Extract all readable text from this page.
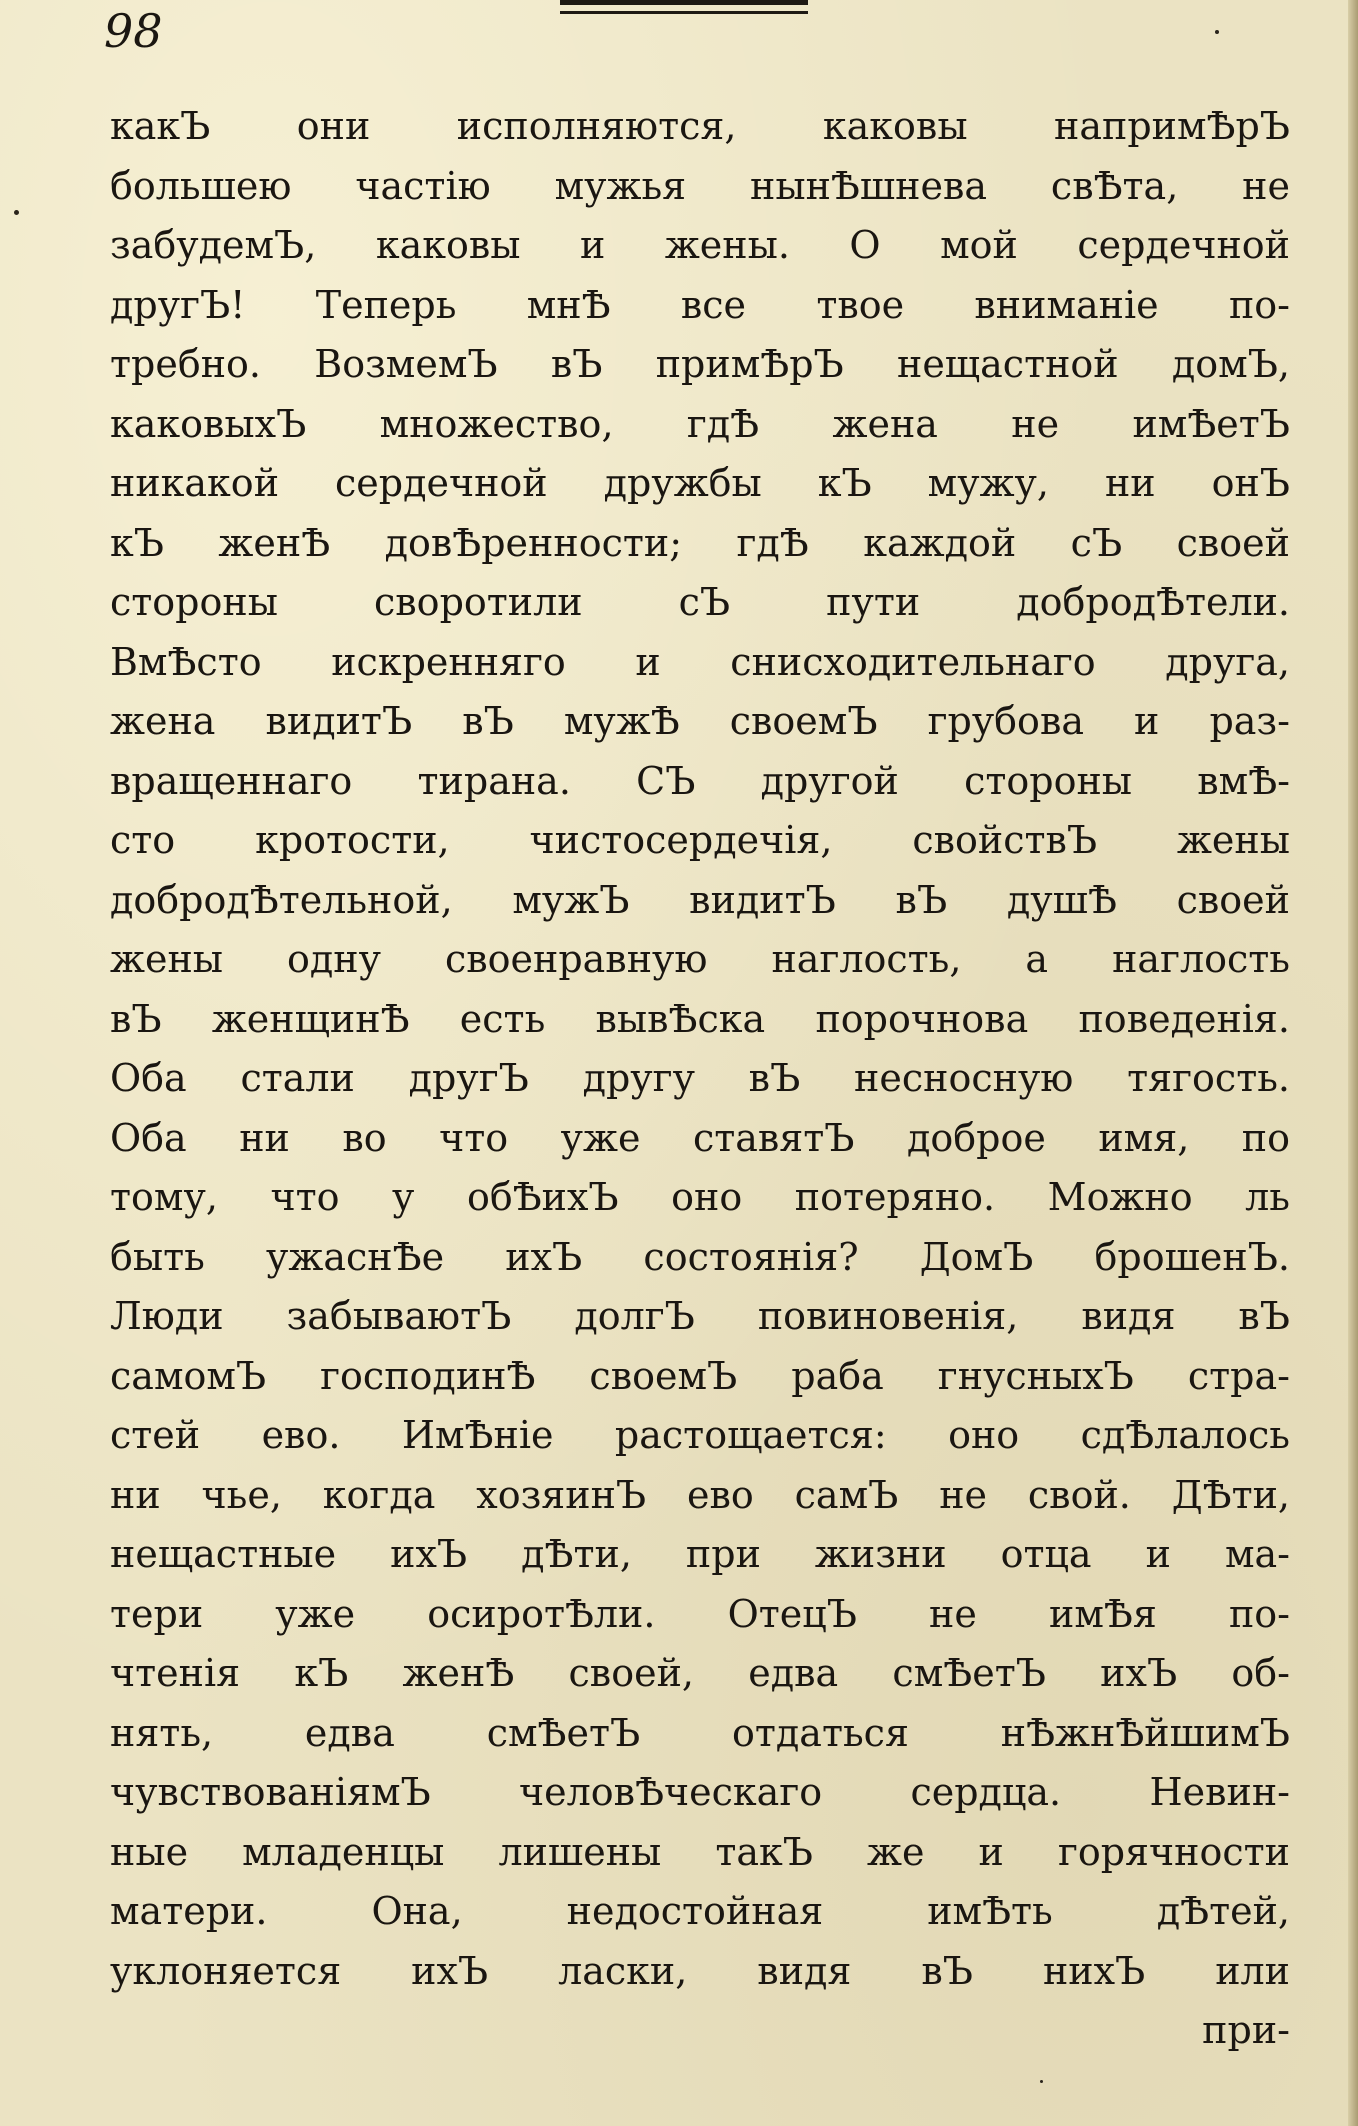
98

какЪ они исполняются, каковы напримѢрЪ
большею частію мужья нынѢшнева свѢта, не
забудемЪ, каковы и жены. О мой сердечной
другЪ! Теперь мнѢ все твое вниманіе по-
требно. ВозмемЪ вЪ примѢрЪ нещастной домЪ,
каковыхЪ множество, гдѢ жена не имѢетЪ
никакой сердечной дружбы кЪ мужу, ни онЪ
кЪ женѢ довѢренности; гдѢ каждой сЪ своей
стороны своротили сЪ пути добродѢтели.
ВмѢсто искренняго и снисходительнаго друга,
жена видитЪ вЪ мужѢ своемЪ грубова и раз-
вращеннаго тирана. СЪ другой стороны вмѢ-
сто кротости, чистосердечія, свойствЪ жены
добродѢтельной, мужЪ видитЪ вЪ душѢ своей
жены одну своенравную наглость, а наглость
вЪ женщинѢ есть вывѢска порочнова поведенія.
Оба стали другЪ другу вЪ несносную тягость.
Оба ни во что уже ставятЪ доброе имя, по
тому, что у обѢихЪ оно потеряно. Можно ль
быть ужаснѢе ихЪ состоянія? ДомЪ брошенЪ.
Люди забываютЪ долгЪ повиновенія, видя вЪ
самомЪ господинѢ своемЪ раба гнусныхЪ стра-
стей ево. ИмѢніе растощается: оно сдѢлалось
ни чье, когда хозяинЪ ево самЪ не свой. ДѢти,
нещастные ихЪ дѢти, при жизни отца и ма-
тери уже осиротѢли. ОтецЪ не имѢя по-
чтенія кЪ женѢ своей, едва смѢетЪ ихЪ об-
нять, едва смѢетЪ отдаться нѢжнѢйшимЪ
чувствованіямЪ человѢческаго сердца. Невин-
ные младенцы лишены такЪ же и горячности
матери. Она, недостойная имѢть дѢтей,
уклоняется ихЪ ласки, видя вЪ нихЪ или
при-
